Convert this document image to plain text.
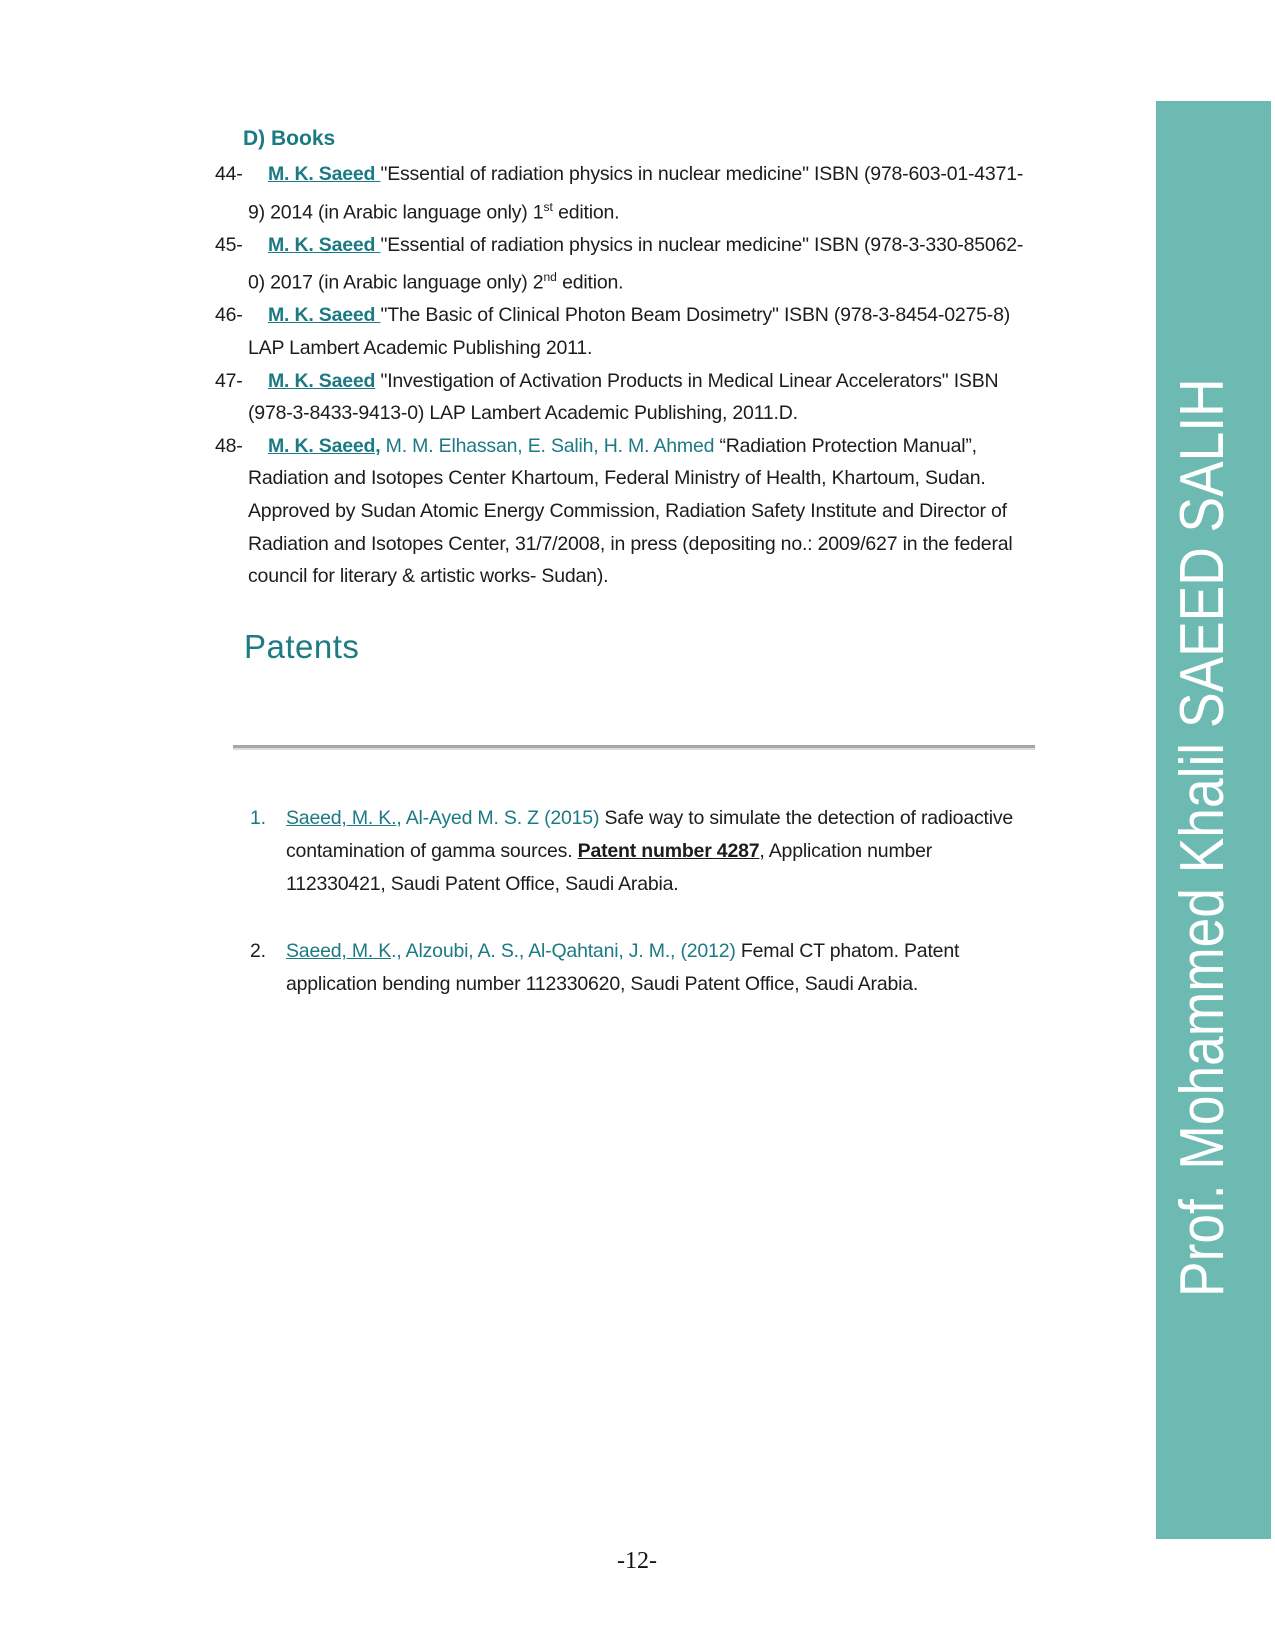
D) Books
44-	M. K. Saeed "Essential of radiation physics in nuclear medicine" ISBN (978-603-01-4371-9) 2014 (in Arabic language only) 1st edition.

45-	M. K. Saeed "Essential of radiation physics in nuclear medicine" ISBN (978-3-330-85062-0) 2017 (in Arabic language only) 2nd edition.

46-	M. K. Saeed "The Basic of Clinical Photon Beam Dosimetry" ISBN (978-3-8454-0275-8) LAP Lambert Academic Publishing 2011.

47-	M. K. Saeed "Investigation of Activation Products in Medical Linear Accelerators" ISBN (978-3-8433-9413-0) LAP Lambert Academic Publishing, 2011.D.

48-	M. K. Saeed, M. M. Elhassan, E. Salih, H. M. Ahmed “Radiation Protection Manual”, Radiation and Isotopes Center Khartoum, Federal Ministry of Health, Khartoum, Sudan. Approved by Sudan Atomic Energy Commission, Radiation Safety Institute and Director of Radiation and Isotopes Center, 31/7/2008, in press (depositing no.: 2009/627 in the federal council for literary & artistic works- Sudan).

Patents
1. Saeed, M. K., Al-Ayed M. S. Z (2015) Safe way to simulate the detection of radioactive contamination of gamma sources. Patent number 4287, Application number 112330421, Saudi Patent Office, Saudi Arabia.

2. Saeed, M. K., Alzoubi, A. S., Al-Qahtani, J. M., (2012) Femal CT phatom. Patent application bending number 112330620, Saudi Patent Office, Saudi Arabia.	Prof. Mohammed Khalil SAEED SALIH
-12-
